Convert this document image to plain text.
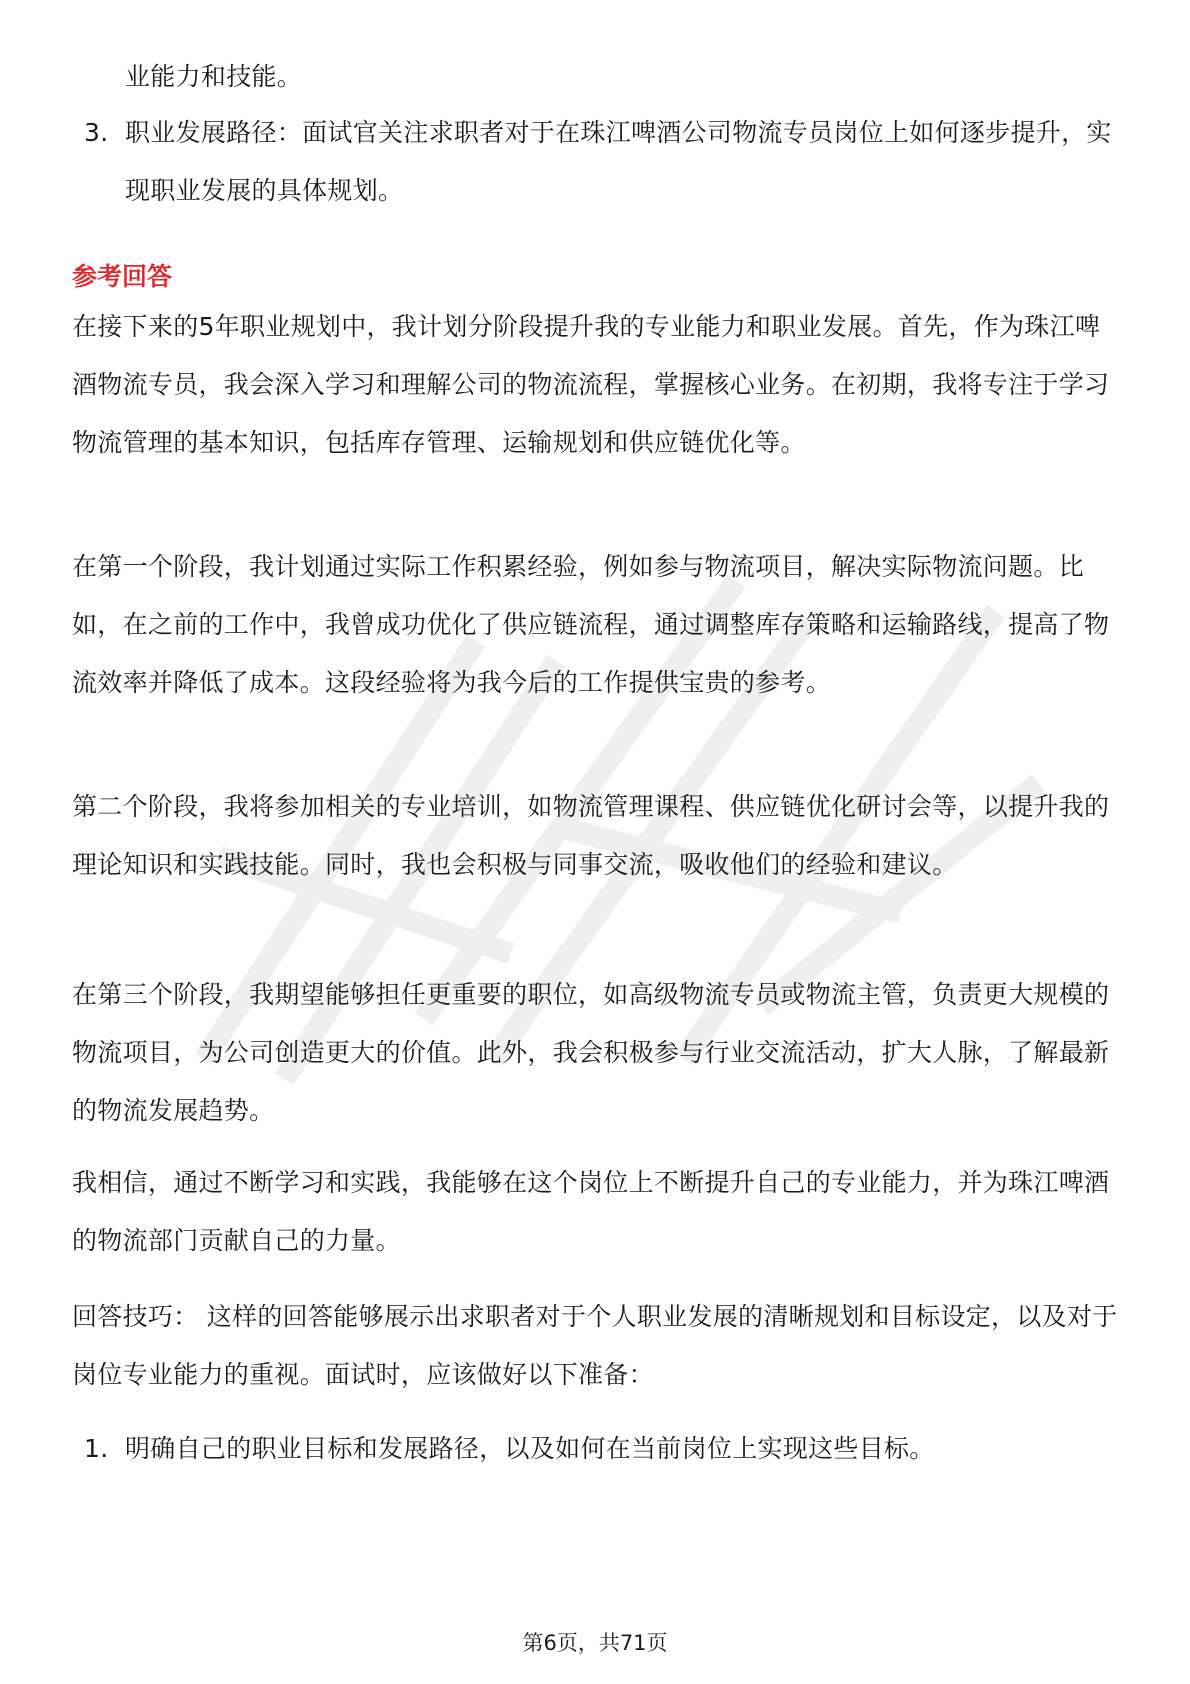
业能力和技能。

3. 职业发展路径：面试官关注求职者对于在珠江啤酒公司物流专员岗位上如何逐步提升，实现职业发展的具体规划。
参考回答

在接下来的5年职业规划中，我计划分阶段提升我的专业能力和职业发展。首先，作为珠江啤酒物流专员，我会深入学习和理解公司的物流流程，掌握核心业务。在初期，我将专注于学习物流管理的基本知识，包括库存管理、运输规划和供应链优化等。

在第一个阶段，我计划通过实际工作积累经验，例如参与物流项目，解决实际物流问题。比如，在之前的工作中，我曾成功优化了供应链流程，通过调整库存策略和运输路线，提高了物流效率并降低了成本。这段经验将为我今后的工作提供宝贵的参考。

第二个阶段，我将参加相关的专业培训，如物流管理课程、供应链优化研讨会等，以提升我的理论知识和实践技能。同时，我也会积极与同事交流，吸收他们的经验和建议。

在第三个阶段，我期望能够担任更重要的职位，如高级物流专员或物流主管，负责更大规模的物流项目，为公司创造更大的价值。此外，我会积极参与行业交流活动，扩大人脉，了解最新的物流发展趋势。

我相信，通过不断学习和实践，我能够在这个岗位上不断提升自己的专业能力，并为珠江啤酒的物流部门贡献自己的力量。

回答技巧： 这样的回答能够展示出求职者对于个人职业发展的清晰规划和目标设定，以及对于岗位专业能力的重视。面试时，应该做好以下准备：

1. 明确自己的职业目标和发展路径，以及如何在当前岗位上实现这些目标。
第6页，共71页
